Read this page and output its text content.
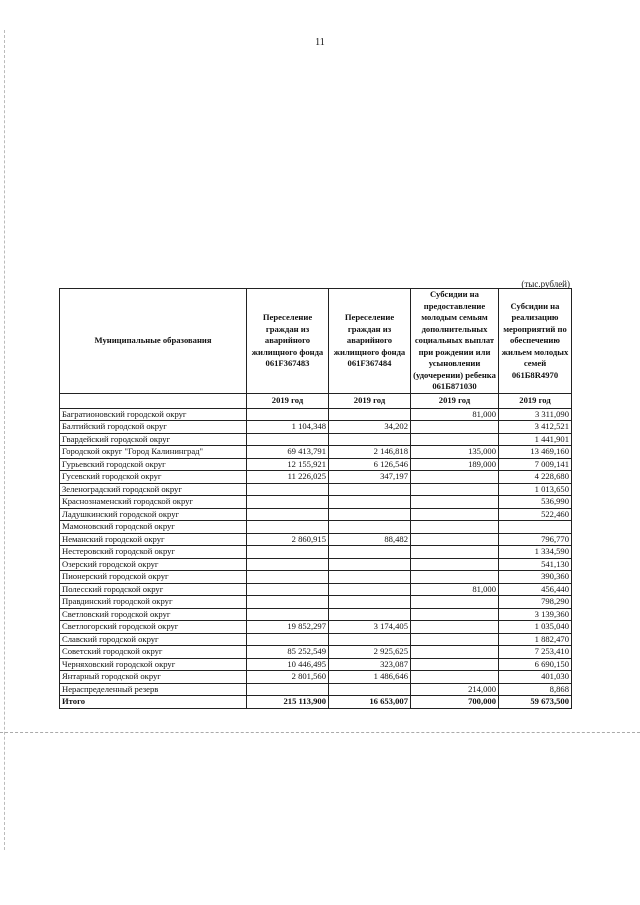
11
(тыс.рублей)
Муниципальные образования	Переселение граждан из аварийного жилищного фонда 061F367483	Переселение граждан из аварийного жилищного фонда 061F367484	Субсидии на предоставление молодым семьям дополнительных социальных выплат при рождении или усыновлении (удочерении) ребенка 061Б871030	Субсидии на реализацию мероприятий по обеспечению жильем молодых семей 061Б8R4970
	2019 год	2019 год	2019 год	2019 год
Багратионовский городской округ			81,000	3 311,090
Балтийский городской округ	1 104,348	34,202		3 412,521
Гвардейский городской округ				1 441,901
Городской округ "Город Калининград"	69 413,791	2 146,818	135,000	13 469,160
Гурьевский городской округ	12 155,921	6 126,546	189,000	7 009,141
Гусевский городской округ	11 226,025	347,197		4 228,680
Зеленоградский городской округ				1 013,650
Краснознаменский городской округ				536,990
Ладушкинский городской округ				522,460
Мамоновский городской округ				
Неманский городской округ	2 860,915	88,482		796,770
Нестеровский городской округ				1 334,590
Озерский городской округ				541,130
Пионерский городской округ				390,360
Полесский городской округ			81,000	456,440
Правдинский городской округ				798,290
Светловский городской округ				3 139,360
Светлогорский городской округ	19 852,297	3 174,405		1 035,040
Славский городской округ				1 882,470
Советский городской округ	85 252,549	2 925,625		7 253,410
Черняховский городской округ	10 446,495	323,087		6 690,150
Янтарный городской округ	2 801,560	1 486,646		401,030
Нераспределенный резерв			214,000	8,868
Итого	215 113,900	16 653,007	700,000	59 673,500
